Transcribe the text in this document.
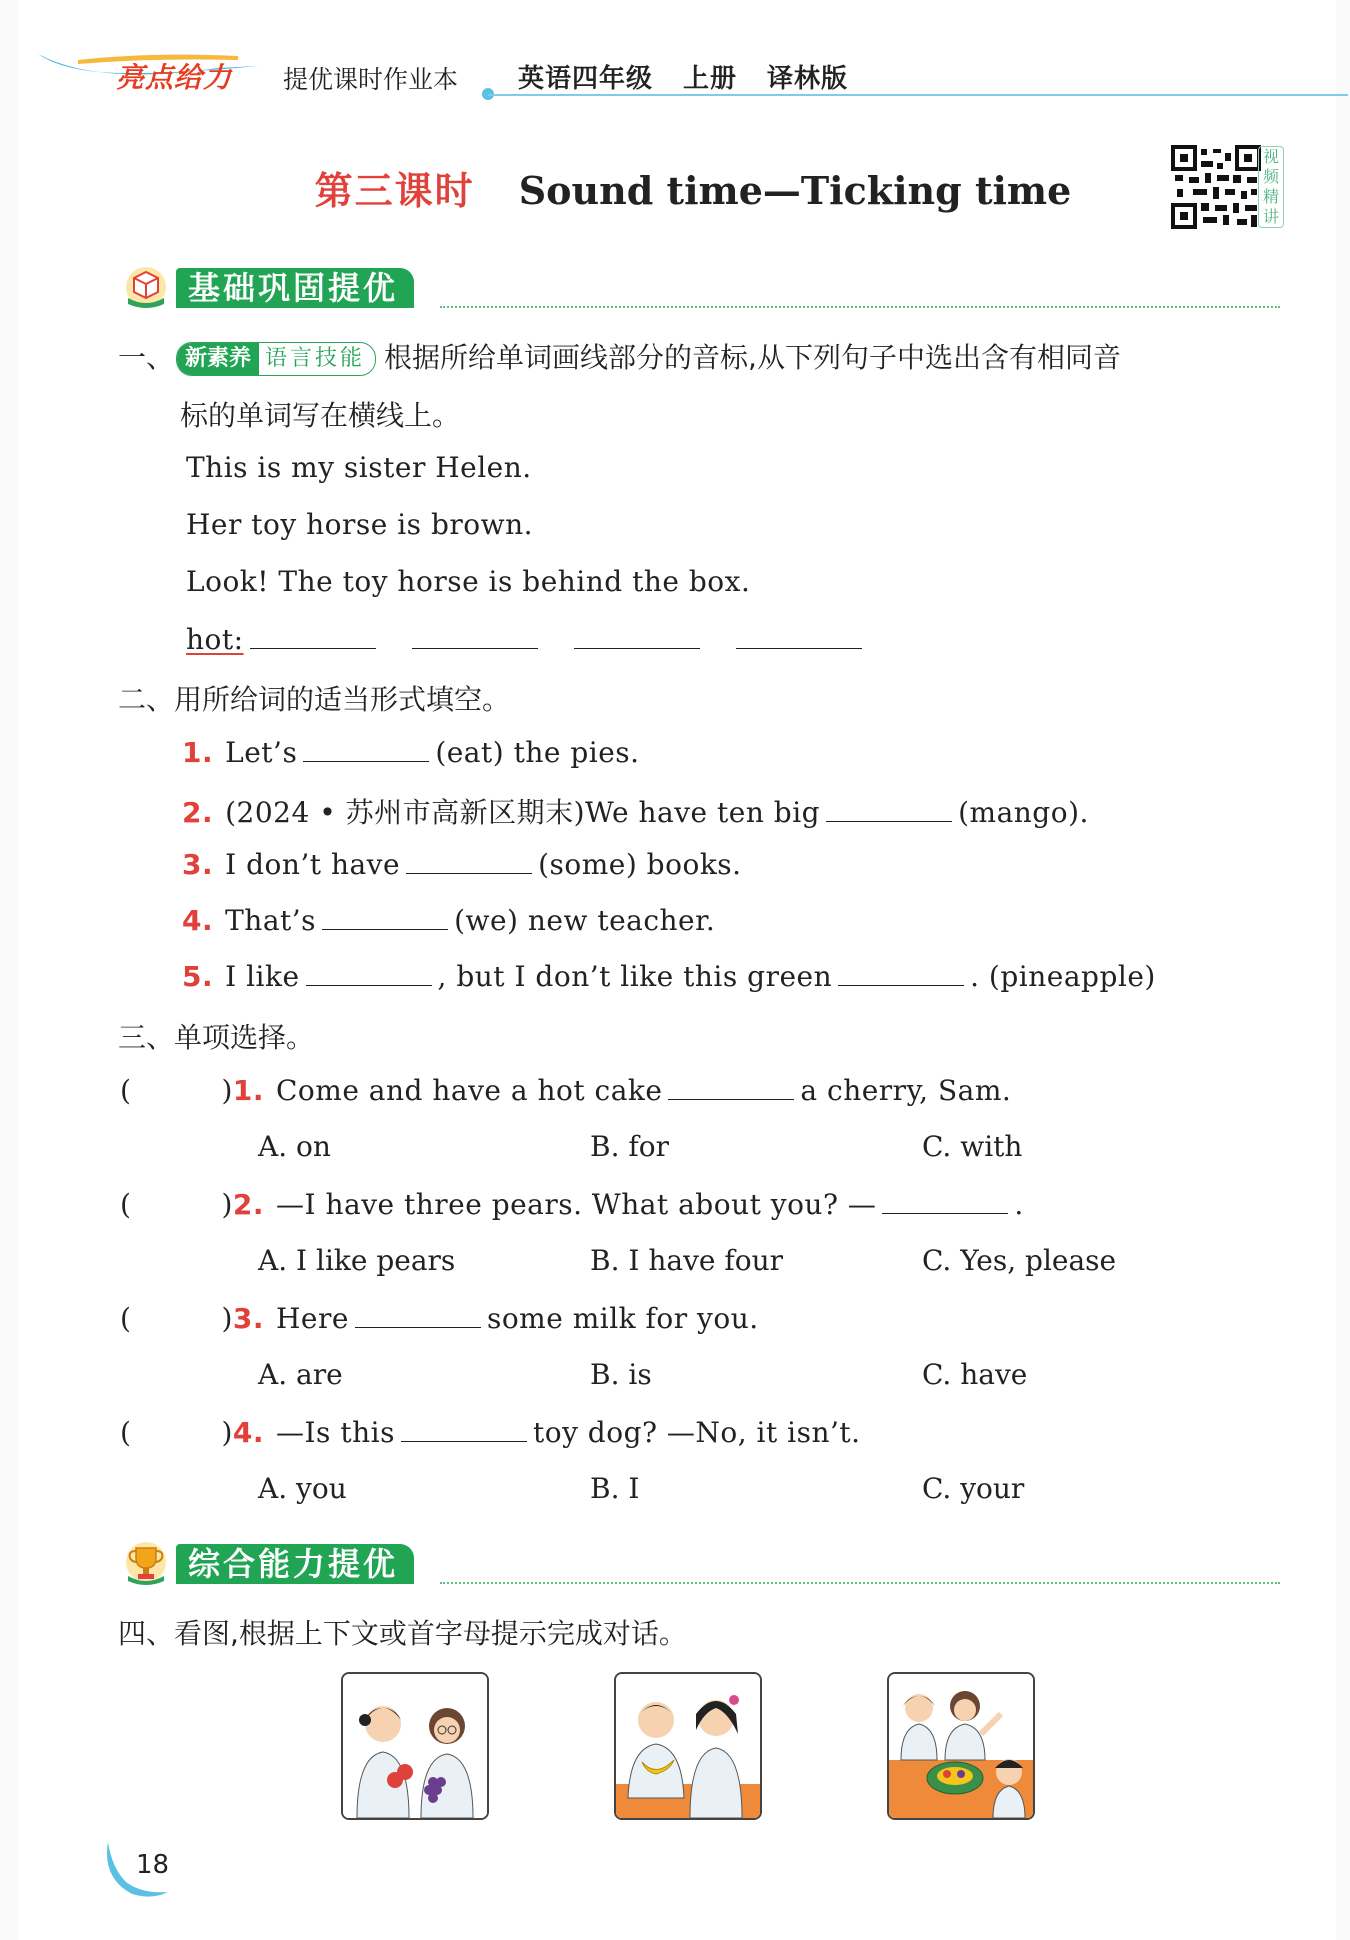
亮点给力 提优课时作业本 英语四年级 上册 译林版
第三课时 Sound time—Ticking time
视频精讲
基础巩固提优
一、 新素养 语言技能 根据所给单词画线部分的音标,从下列句子中选出含有相同音
标的单词写在横线上。
This is my sister Helen.
Her toy horse is brown.
Look! The toy horse is behind the box.
hot:
二、用所给词的适当形式填空。
1. Let’s	(eat) the pies.
2. (2024 • 苏州市高新区期末)We have ten big	(mango).
3. I don’t have	(some) books.
4. That’s	(we) new teacher.
5. I like	, but I don’t like this green	. (pineapple)
三、单项选择。
(	)1. Come and have a hot cake	a cherry, Sam.
A. on	B. for	C. with
(	)2. —I have three pears. What about you? —	.
A. I like pears	B. I have four	C. Yes, please
(	)3. Here	some milk for you.
A. are	B. is	C. have
(	)4. —Is this	toy dog? —No, it isn’t.
A. you	B. I	C. your
综合能力提优
四、看图,根据上下文或首字母提示完成对话。
18
